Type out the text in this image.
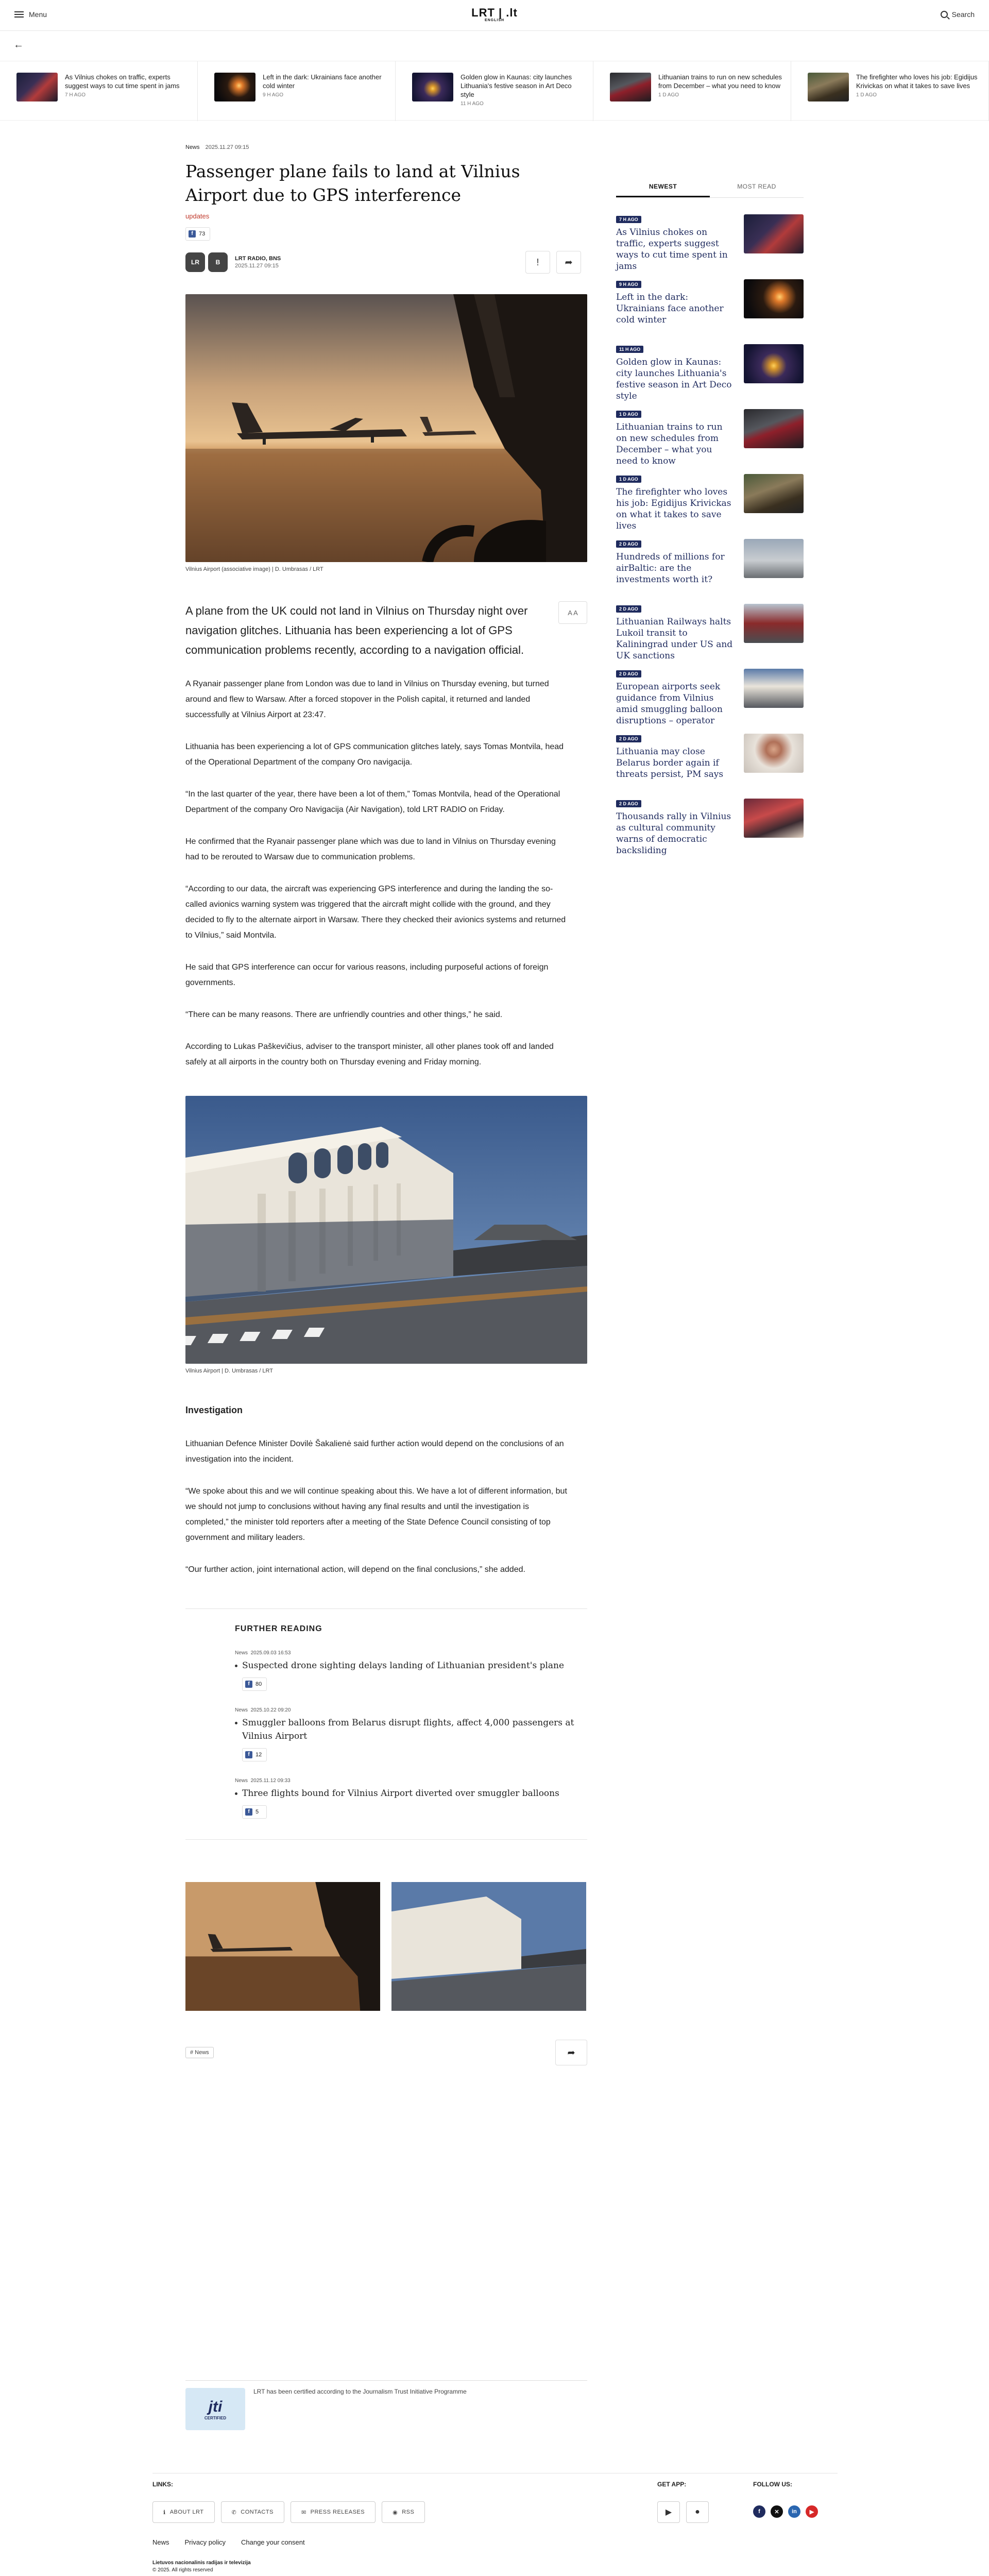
Menu	LRT | .lt
ENGLISH
Search
←
As Vilnius chokes on traffic, experts suggest ways to cut time spent in jams
7 H AGO
Left in the dark: Ukrainians face another cold winter
9 H AGO
Golden glow in Kaunas: city launches Lithuania's festive season in Art Deco style
11 H AGO
Lithuanian trains to run on new schedules from December – what you need to know
1 D AGO
The firefighter who loves his job: Egidijus Krivickas on what it takes to save lives
1 D AGO
News 2025.11.27 09:15
Passenger plane fails to land at Vilnius Airport due to GPS interference
updates
f	73
LR	B	LRT RADIO, BNS
2025.11.27 09:15	!	➦
Vilnius Airport (associative image) | D. Umbrasas / LRT
A plane from the UK could not land in Vilnius on Thursday night over navigation glitches. Lithuania has been experiencing a lot of GPS communication problems recently, according to a navigation official.
A A

A Ryanair passenger plane from London was due to land in Vilnius on Thursday evening, but turned around and flew to Warsaw. After a forced stopover in the Polish capital, it returned and landed successfully at Vilnius Airport at 23:47.

Lithuania has been experiencing a lot of GPS communication glitches lately, says Tomas Montvila, head of the Operational Department of the company Oro navigacija.

“In the last quarter of the year, there have been a lot of them,” Tomas Montvila, head of the Operational Department of the company Oro Navigacija (Air Navigation), told LRT RADIO on Friday.

He confirmed that the Ryanair passenger plane which was due to land in Vilnius on Thursday evening had to be rerouted to Warsaw due to communication problems.

“According to our data, the aircraft was experiencing GPS interference and during the landing the so-called avionics warning system was triggered that the aircraft might collide with the ground, and they decided to fly to the alternate airport in Warsaw. There they checked their avionics systems and returned to Vilnius,” said Montvila.

He said that GPS interference can occur for various reasons, including purposeful actions of foreign governments.

“There can be many reasons. There are unfriendly countries and other things,” he said.

According to Lukas Paškevičius, adviser to the transport minister, all other planes took off and landed safely at all airports in the country both on Thursday evening and Friday morning.

Vilnius Airport | D. Umbrasas / LRT
Investigation

Lithuanian Defence Minister Dovilė Šakalienė said further action would depend on the conclusions of an investigation into the incident.

“We spoke about this and we will continue speaking about this. We have a lot of different information, but we should not jump to conclusions without having any final results and until the investigation is completed,” the minister told reporters after a meeting of the State Defence Council consisting of top government and military leaders.

“Our further action, joint international action, will depend on the final conclusions,” she added.

FURTHER READING
News 2025.09.03 16:53
Suspected drone sighting delays landing of Lithuanian president's plane
f	80
News 2025.10.22 09:20
Smuggler balloons from Belarus disrupt flights, affect 4,000 passengers at Vilnius Airport
f	12
News 2025.11.12 09:33
Three flights bound for Vilnius Airport diverted over smuggler balloons
f	5
# News	➦
NEWEST	MOST READ
7 H AGO
As Vilnius chokes on traffic, experts suggest ways to cut time spent in jams
9 H AGO
Left in the dark: Ukrainians face another cold winter
11 H AGO
Golden glow in Kaunas: city launches Lithuania's festive season in Art Deco style
1 D AGO
Lithuanian trains to run on new schedules from December – what you need to know
1 D AGO
The firefighter who loves his job: Egidijus Krivickas on what it takes to save lives
2 D AGO
Hundreds of millions for airBaltic: are the investments worth it?
2 D AGO
Lithuanian Railways halts Lukoil transit to Kaliningrad under US and UK sanctions
2 D AGO
European airports seek guidance from Vilnius amid smuggling balloon disruptions – operator
2 D AGO
Lithuania may close Belarus border again if threats persist, PM says
2 D AGO
Thousands rally in Vilnius as cultural community warns of democratic backsliding
jti
CERTIFIED
LRT has been certified according to the Journalism Trust Initiative Programme
LINKS:
ℹ ABOUT LRT	✆ CONTACTS	✉ PRESS RELEASES	◉ RSS
GET APP:
▶	●
FOLLOW US:
f	✕	in	▶
News Privacy policy Change your consent
Lietuvos nacionalinis radijas ir televizija
© 2025. All rights reserved
